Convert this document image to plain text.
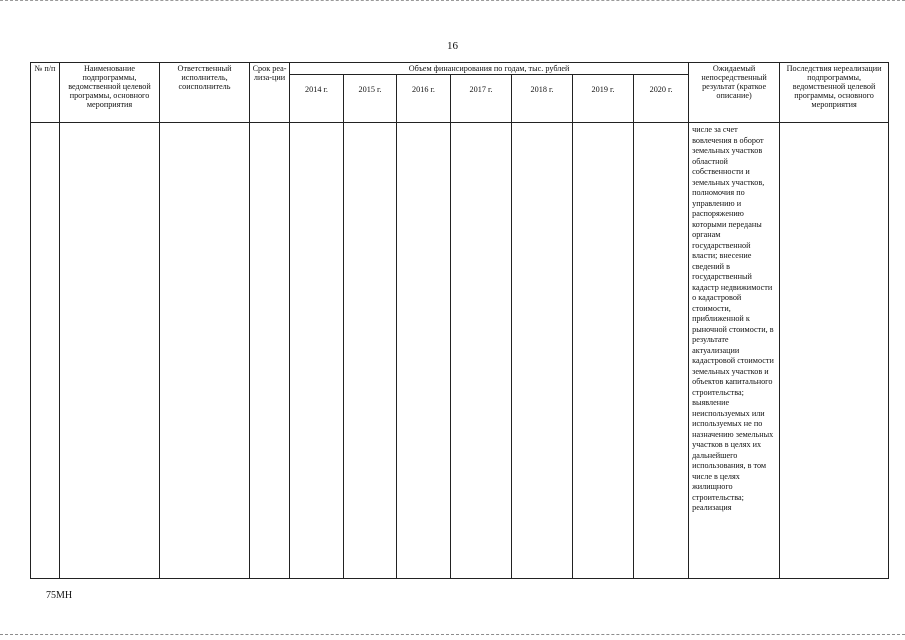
16
№ п/п	Наименование подпрограммы, ведомственной целевой программы, основного мероприятия	Ответственный исполнитель, соисполнитель	Срок реа-лиза-ции	Объем финансирования по годам, тыс. рублей							Ожидаемый непосредственный результат (краткое описание)	Последствия нереализации подпрограммы, ведомственной целевой программы, основного мероприятия
				2014 г.	2015 г.	2016 г.	2017 г.	2018 г.	2019 г.	2020 г.		
											числе за счет вовлечения в оборот земельных участков областной собственности и земельных участков, полномочия по управлению и распоряжению которыми переданы органам государственной власти; внесение сведений в государственный кадастр недвижимости о кадастровой стоимости, приближенной к рыночной стоимости, в результате актуализации кадастровой стоимости земельных участков и объектов капитального строительства; выявление неиспользуемых или используемых не по назначению земельных участков в целях их дальнейшего использования, в том числе в целях жилищного строительства; реализация	
75МН
